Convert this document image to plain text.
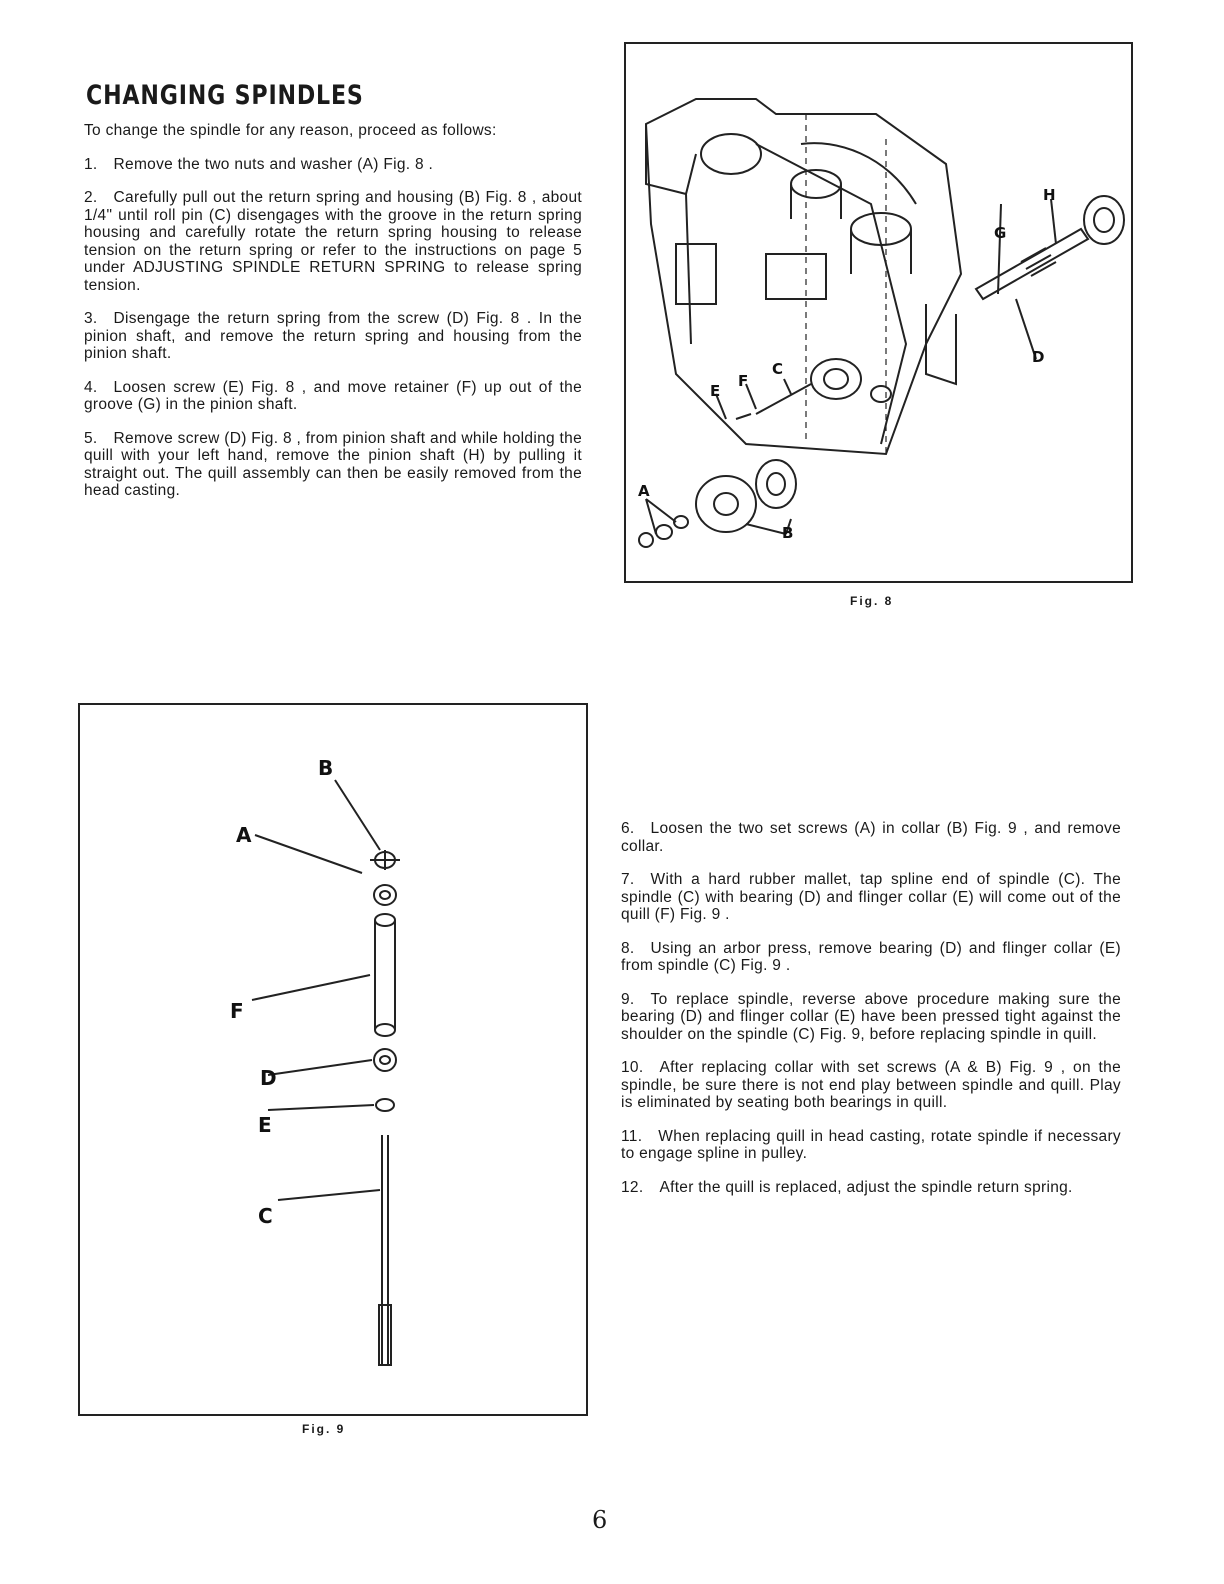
CHANGING SPINDLES

To change the spindle for any reason, proceed as follows:

1. Remove the two nuts and washer (A) Fig. 8 .

2. Carefully pull out the return spring and housing (B) Fig. 8 , about 1/4" until roll pin (C) disengages with the groove in the return spring housing and carefully rotate the return spring housing to release tension on the return spring or refer to the instructions on page 5 under ADJUSTING SPINDLE RETURN SPRING to release spring tension.

3. Disengage the return spring from the screw (D) Fig. 8 . In the pinion shaft, and remove the return spring and housing from the pinion shaft.

4. Loosen screw (E) Fig. 8 , and move retainer (F) up out of the groove (G) in the pinion shaft.

5. Remove screw (D) Fig. 8 , from pinion shaft and while holding the quill with your left hand, remove the pinion shaft (H) by pulling it straight out. The quill assembly can then be easily removed from the head casting.

H
G
D
C
F
E
A
B
Fig. 8
B
A
F
D
E
C
Fig. 9

6. Loosen the two set screws (A) in collar (B) Fig. 9 , and remove collar.

7. With a hard rubber mallet, tap spline end of spindle (C). The spindle (C) with bearing (D) and flinger collar (E) will come out of the quill (F) Fig. 9 .

8. Using an arbor press, remove bearing (D) and flinger collar (E) from spindle (C) Fig. 9 .

9. To replace spindle, reverse above procedure making sure the bearing (D) and flinger collar (E) have been pressed tight against the shoulder on the spindle (C) Fig. 9, before replacing spindle in quill.

10. After replacing collar with set screws (A & B) Fig. 9 , on the spindle, be sure there is not end play between spindle and quill. Play is eliminated by seating both bearings in quill.

11. When replacing quill in head casting, rotate spindle if necessary to engage spline in pulley.

12. After the quill is replaced, adjust the spindle return spring.

6
